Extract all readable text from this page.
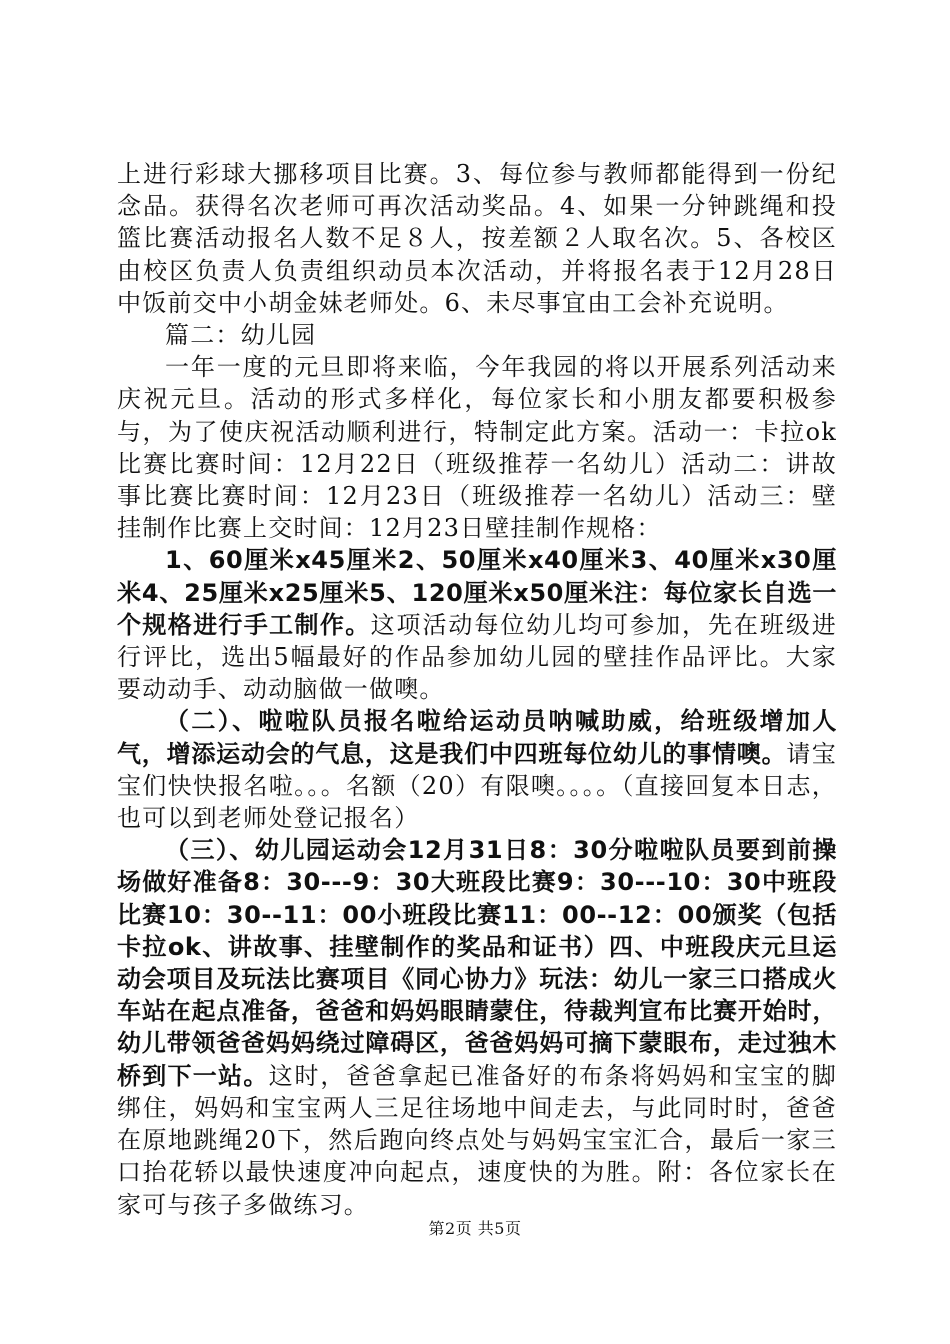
上进行彩球大挪移项目比赛。3、每位参与教师都能得到一份纪念品。获得名次老师可再次活动奖品。4、如果一分钟跳绳和投篮比赛活动报名人数不足８人，按差额２人取名次。5、各校区由校区负责人负责组织动员本次活动，并将报名表于12月28日中饭前交中小胡金妹老师处。6、未尽事宜由工会补充说明。

篇二：幼儿园

一年一度的元旦即将来临，今年我园的将以开展系列活动来庆祝元旦。活动的形式多样化，每位家长和小朋友都要积极参与，为了使庆祝活动顺利进行，特制定此方案。活动一：卡拉ok比赛比赛时间：12月22日（班级推荐一名幼儿）活动二：讲故事比赛比赛时间：12月23日（班级推荐一名幼儿）活动三：壁挂制作比赛上交时间：12月23日壁挂制作规格：

1、60厘米x45厘米2、50厘米x40厘米3、40厘米x30厘米4、25厘米x25厘米5、120厘米x50厘米注：每位家长自选一个规格进行手工制作。这项活动每位幼儿均可参加，先在班级进行评比，选出5幅最好的作品参加幼儿园的壁挂作品评比。大家要动动手、动动脑做一做噢。

（二）、啦啦队员报名啦给运动员呐喊助威，给班级增加人气，增添运动会的气息，这是我们中四班每位幼儿的事情噢。请宝宝们快快报名啦。。。名额（20）有限噢。。。。（直接回复本日志，也可以到老师处登记报名）

（三）、幼儿园运动会12月31日8：30分啦啦队员要到前操场做好准备8：30---9：30大班段比赛9：30---10：30中班段比赛10：30--11：00小班段比赛11：00--12：00颁奖（包括卡拉ok、讲故事、挂壁制作的奖品和证书）四、中班段庆元旦运动会项目及玩法比赛项目《同心协力》玩法：幼儿一家三口搭成火车站在起点准备，爸爸和妈妈眼睛蒙住，待裁判宣布比赛开始时，幼儿带领爸爸妈妈绕过障碍区，爸爸妈妈可摘下蒙眼布，走过独木桥到下一站。这时，爸爸拿起已准备好的布条将妈妈和宝宝的脚绑住，妈妈和宝宝两人三足往场地中间走去，与此同时时，爸爸在原地跳绳20下，然后跑向终点处与妈妈宝宝汇合，最后一家三口抬花轿以最快速度冲向起点，速度快的为胜。附：各位家长在家可与孩子多做练习。

第2页 共5页
